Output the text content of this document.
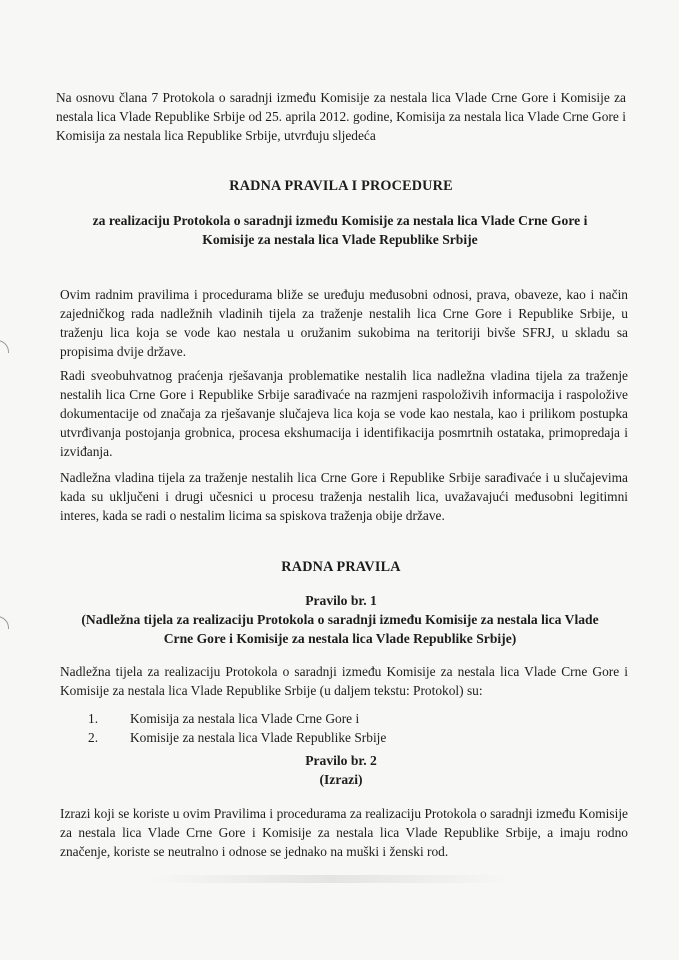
Na osnovu člana 7 Protokola o saradnji između Komisije za nestala lica Vlade Crne Gore i Komisije za nestala lica Vlade Republike Srbije od 25. aprila 2012. godine, Komisija za nestala lica Vlade Crne Gore i Komisija za nestala lica Republike Srbije, utvrđuju sljedeća

RADNA PRAVILA I PROCEDURE

za realizaciju Protokola o saradnji između Komisije za nestala lica Vlade Crne Gore i

Komisije za nestala lica Vlade Republike Srbije

Ovim radnim pravilima i procedurama bliže se uređuju međusobni odnosi, prava, obaveze, kao i način zajedničkog rada nadležnih vladinih tijela za traženje nestalih lica Crne Gore i Republike Srbije, u traženju lica koja se vode kao nestala u oružanim sukobima na teritoriji bivše SFRJ, u skladu sa propisima dvije države.

Radi sveobuhvatnog praćenja rješavanja problematike nestalih lica nadležna vladina tijela za traženje nestalih lica Crne Gore i Republike Srbije sarađivaće na razmjeni raspoloživih informacija i raspoložive dokumentacije od značaja za rješavanje slučajeva lica koja se vode kao nestala, kao i prilikom postupka utvrđivanja postojanja grobnica, procesa ekshumacija i identifikacija posmrtnih ostataka, primopredaja i izviđanja.

Nadležna vladina tijela za traženje nestalih lica Crne Gore i Republike Srbije sarađivaće i u slučajevima kada su uključeni i drugi učesnici u procesu traženja nestalih lica, uvažavajući međusobni legitimni interes, kada se radi o nestalim licima sa spiskova traženja obije države.

RADNA PRAVILA

Pravilo br. 1

(Nadležna tijela za realizaciju Protokola o saradnji između Komisije za nestala lica Vlade

Crne Gore i Komisije za nestala lica Vlade Republike Srbije)

Nadležna tijela za realizaciju Protokola o saradnji između Komisije za nestala lica Vlade Crne Gore i Komisije za nestala lica Vlade Republike Srbije (u daljem tekstu: Protokol) su:

1. Komisija za nestala lica Vlade Crne Gore i
2. Komisije za nestala lica Vlade Republike Srbije

Pravilo br. 2

(Izrazi)

Izrazi koji se koriste u ovim Pravilima i procedurama za realizaciju Protokola o saradnji između Komisije za nestala lica Vlade Crne Gore i Komisije za nestala lica Vlade Republike Srbije, a imaju rodno značenje, koriste se neutralno i odnose se jednako na muški i ženski rod.
